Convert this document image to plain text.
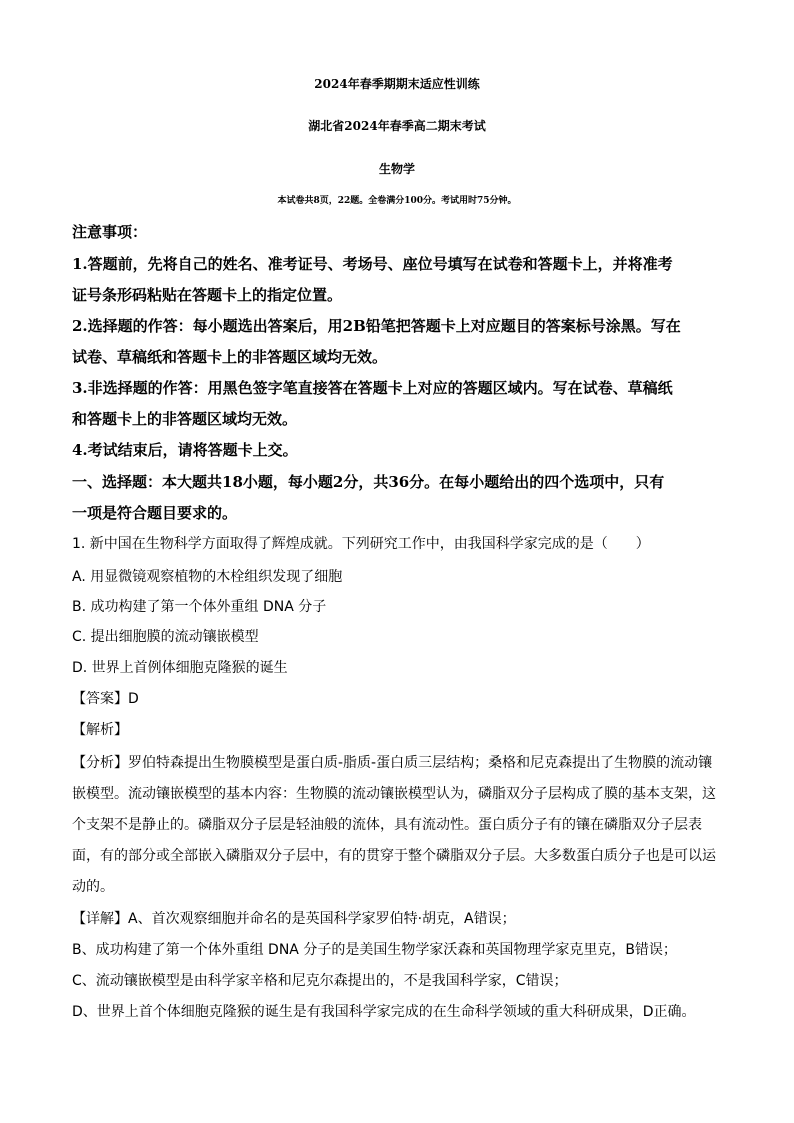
2024年春季期期末适应性训练
湖北省2024年春季高二期末考试
生物学
本试卷共8页，22题。全卷满分100分。考试用时75分钟。
注意事项：
1.答题前，先将自己的姓名、准考证号、考场号、座位号填写在试卷和答题卡上，并将准考
证号条形码粘贴在答题卡上的指定位置。
2.选择题的作答：每小题选出答案后，用2B铅笔把答题卡上对应题目的答案标号涂黑。写在
试卷、草稿纸和答题卡上的非答题区域均无效。
3.非选择题的作答：用黑色签字笔直接答在答题卡上对应的答题区域内。写在试卷、草稿纸
和答题卡上的非答题区域均无效。
4.考试结束后，请将答题卡上交。
一、选择题：本大题共18小题，每小题2分，共36分。在每小题给出的四个选项中，只有
一项是符合题目要求的。
1. 新中国在生物科学方面取得了辉煌成就。下列研究工作中，由我国科学家完成的是（　　）
A. 用显微镜观察植物的木栓组织发现了细胞
B. 成功构建了第一个体外重组 DNA 分子
C. 提出细胞膜的流动镶嵌模型
D. 世界上首例体细胞克隆猴的诞生
【答案】D
【解析】
【分析】罗伯特森提出生物膜模型是蛋白质-脂质-蛋白质三层结构；桑格和尼克森提出了生物膜的流动镶
嵌模型。流动镶嵌模型的基本内容：生物膜的流动镶嵌模型认为，磷脂双分子层构成了膜的基本支架，这
个支架不是静止的。磷脂双分子层是轻油般的流体，具有流动性。蛋白质分子有的镶在磷脂双分子层表
面，有的部分或全部嵌入磷脂双分子层中，有的贯穿于整个磷脂双分子层。大多数蛋白质分子也是可以运
动的。
【详解】A、首次观察细胞并命名的是英国科学家罗伯特·胡克，A错误；
B、成功构建了第一个体外重组 DNA 分子的是美国生物学家沃森和英国物理学家克里克，B错误；
C、流动镶嵌模型是由科学家辛格和尼克尔森提出的，不是我国科学家，C错误；
D、世界上首个体细胞克隆猴的诞生是有我国科学家完成的在生命科学领域的重大科研成果，D正确。
